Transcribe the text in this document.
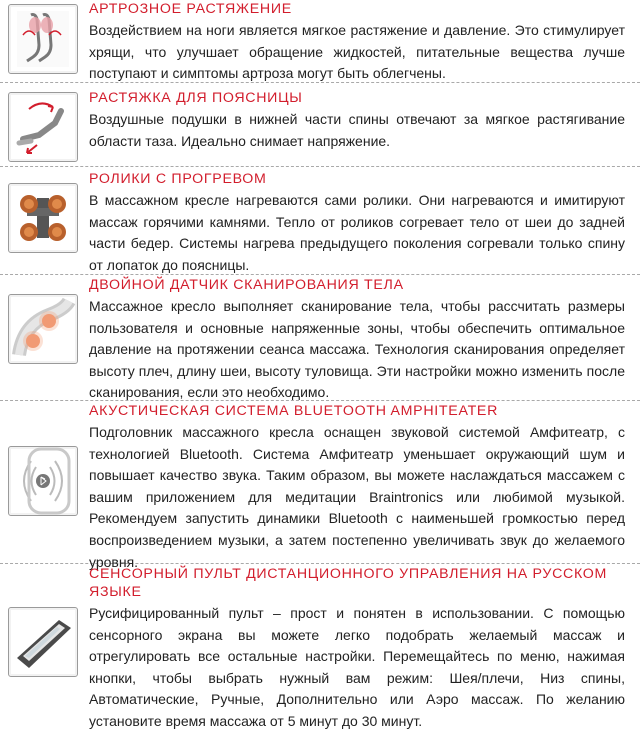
АРТРОЗНОЕ РАСТЯЖЕНИЕ

Воздействием на ноги является мягкое растяжение и давление. Это стимулирует хрящи, что улучшает обращение жидкостей, питательные вещества лучше поступают и симптомы артроза могут быть облегчены.

РАСТЯЖКА ДЛЯ ПОЯСНИЦЫ

Воздушные подушки в нижней части спины отвечают за мягкое растягивание области таза. Идеально снимает напряжение.

РОЛИКИ С ПРОГРЕВОМ

В массажном кресле нагреваются сами ролики. Они нагреваются и имитируют массаж горячими камнями. Тепло от роликов согревает тело от шеи до задней части бедер. Системы нагрева предыдущего поколения согревали только спину от лопаток до поясницы.

ДВОЙНОЙ ДАТЧИК СКАНИРОВАНИЯ ТЕЛА

Массажное кресло выполняет сканирование тела, чтобы рассчитать размеры пользователя и основные напряженные зоны, чтобы обеспечить оптимальное давление на протяжении сеанса массажа. Технология сканирования определяет высоту плеч, длину шеи, высоту туловища. Эти настройки можно изменить после сканирования, если это необходимо.

АКУСТИЧЕСКАЯ СИСТЕМА BLUETOOTH AMPHITEATER

Подголовник массажного кресла оснащен звуковой системой Амфитеатр, с технологией Bluetooth. Система Амфитеатр уменьшает окружающий шум и повышает качество звука. Таким образом, вы можете наслаждаться массажем с вашим приложением для медитации Braintronics или любимой музыкой. Рекомендуем запустить динамики Bluetooth с наименьшей громкостью перед воспроизведением музыки, а затем постепенно увеличивать звук до желаемого уровня.

СЕНСОРНЫЙ ПУЛЬТ ДИСТАНЦИОННОГО УПРАВЛЕНИЯ НА РУССКОМ ЯЗЫКЕ

Русифицированный пульт – прост и понятен в использовании. С помощью сенсорного экрана вы можете легко подобрать желаемый массаж и отрегулировать все остальные настройки. Перемещайтесь по меню, нажимая кнопки, чтобы выбрать нужный вам режим: Шея/плечи, Низ спины, Автоматические, Ручные, Дополнительно или Аэро массаж. По желанию установите время массажа от 5 минут до 30 минут.
